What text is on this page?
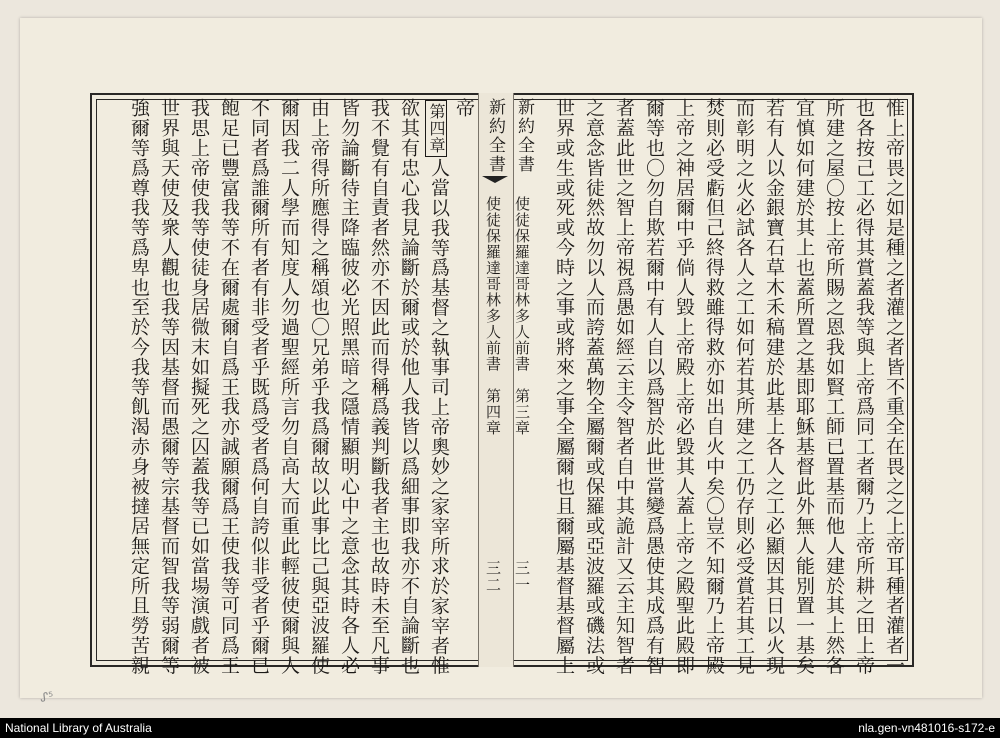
惟上帝畏之如是種之者灌之者皆不重全在畏之之上帝耳種者灌者一
也各按己工必得其賞蓋我等與上帝爲同工者爾乃上帝所耕之田上帝
所建之屋〇按上帝所賜之恩我如賢工師已置基而他人建於其上然各
宜慎如何建於其上也蓋所置之基即耶穌基督此外無人能別置一基矣
若有人以金銀寶石草木禾稿建於此基上各人之工必顯因其日以火現
而彰明之火必試各人之工如何若其所建之工仍存則必受賞若其工見
焚則必受虧但己終得救雖得救亦如出自火中矣〇豈不知爾乃上帝殿
上帝之神居爾中乎倘人毀上帝殿上帝必毀其人蓋上帝之殿聖此殿即
爾等也〇勿自欺若爾中有人自以爲智於此世當變爲愚使其成爲有智
者蓋此世之智上帝視爲愚如經云主令智者自中其詭計又云主知智者
之意念皆徒然故勿以人而誇蓋萬物全屬爾或保羅或亞波羅或磯法或
世界或生或死或今時之事或將來之事全屬爾也且爾屬基督基督屬上
新約全書
使徒保羅達哥林多人前書　第三章
三一
新約全書
使徒保羅達哥林多人前書　第四章
三二
帝
第四章
人當以我等爲基督之執事司上帝奧妙之家宰所求於家宰者惟
欲其有忠心我見論斷於爾或於他人我皆以爲細事即我亦不自論斷也
我不覺有自責者然亦不因此而得稱爲義判斷我者主也故時未至凡事
皆勿論斷待主降臨彼必光照黑暗之隱情顯明心中之意念其時各人必
由上帝得所應得之稱頌也〇兄弟乎我爲爾故以此事比己與亞波羅使
爾因我二人學而知度人勿過聖經所言勿自高大而重此輕彼使爾與人
不同者爲誰爾所有者有非受者乎既爲受者爲何自誇似非受者乎爾已
飽足已豐富我等不在爾處爾自爲王我亦誠願爾爲王使我等可同爲王
我思上帝使我等使徒身居微末如擬死之囚蓋我等已如當場演戲者被
世界與天使及衆人觀也我等因基督而愚爾等宗基督而智我等弱爾等
強爾等爲尊我等爲卑也至於今我等飢渴赤身被撻居無定所且勞苦親
ᔑ⁵
National Library of Australia	nla.gen-vn481016-s172-e
